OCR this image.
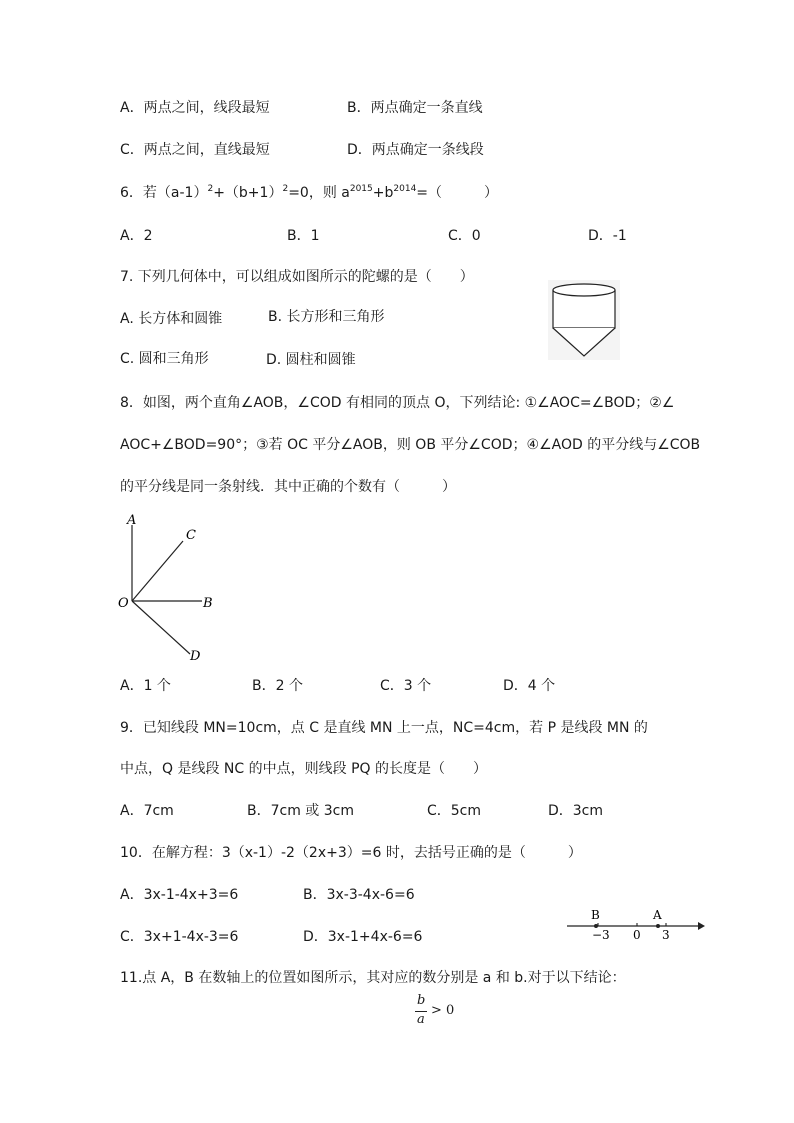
A．两点之间，线段最短	B．两点确定一条直线
C．两点之间，直线最短	D．两点确定一条线段
6．若$(a-1)^2+(b+1)^2=0$，则 $a^{2015}+b^{2014}=$（　　　）
A．2	B．1	C．0	D．-1
7. 下列几何体中，可以组成如图所示的陀螺的是（　　）
A. 长方体和圆锥	B. 长方形和三角形
C. 圆和三角形	D. 圆柱和圆锥
8．如图，两个直角∠AOB，∠COD 有相同的顶点 O，下列结论: ①∠AOC=∠BOD；②∠
AOC+∠BOD=90°；③若 OC 平分∠AOB，则 OB 平分∠COD；④∠AOD 的平分线与∠COB
的平分线是同一条射线．其中正确的个数有（　　　）
A
C
O	B
D
A．1 个	B．2 个	C．3 个	D．4 个
9．已知线段 MN=10cm，点 C 是直线 MN 上一点，NC=4cm，若 P 是线段 MN 的
中点，Q 是线段 NC 的中点，则线段 PQ 的长度是（　　）
A．7cm	B．7cm 或 3cm	C．5cm	D．3cm
10．在解方程：3（x-1）-2（2x+3）=6 时，去括号正确的是（　　　）
A．3x-1-4x+3=6	B．3x-3-4x-6=6
C．3x+1-4x-3=6	D．3x-1+4x-6=6
B	A
−3 0 3
11.点 A，B 在数轴上的位置如图所示，其对应的数分别是 a 和 b.对于以下结论：
b
a
> 0
